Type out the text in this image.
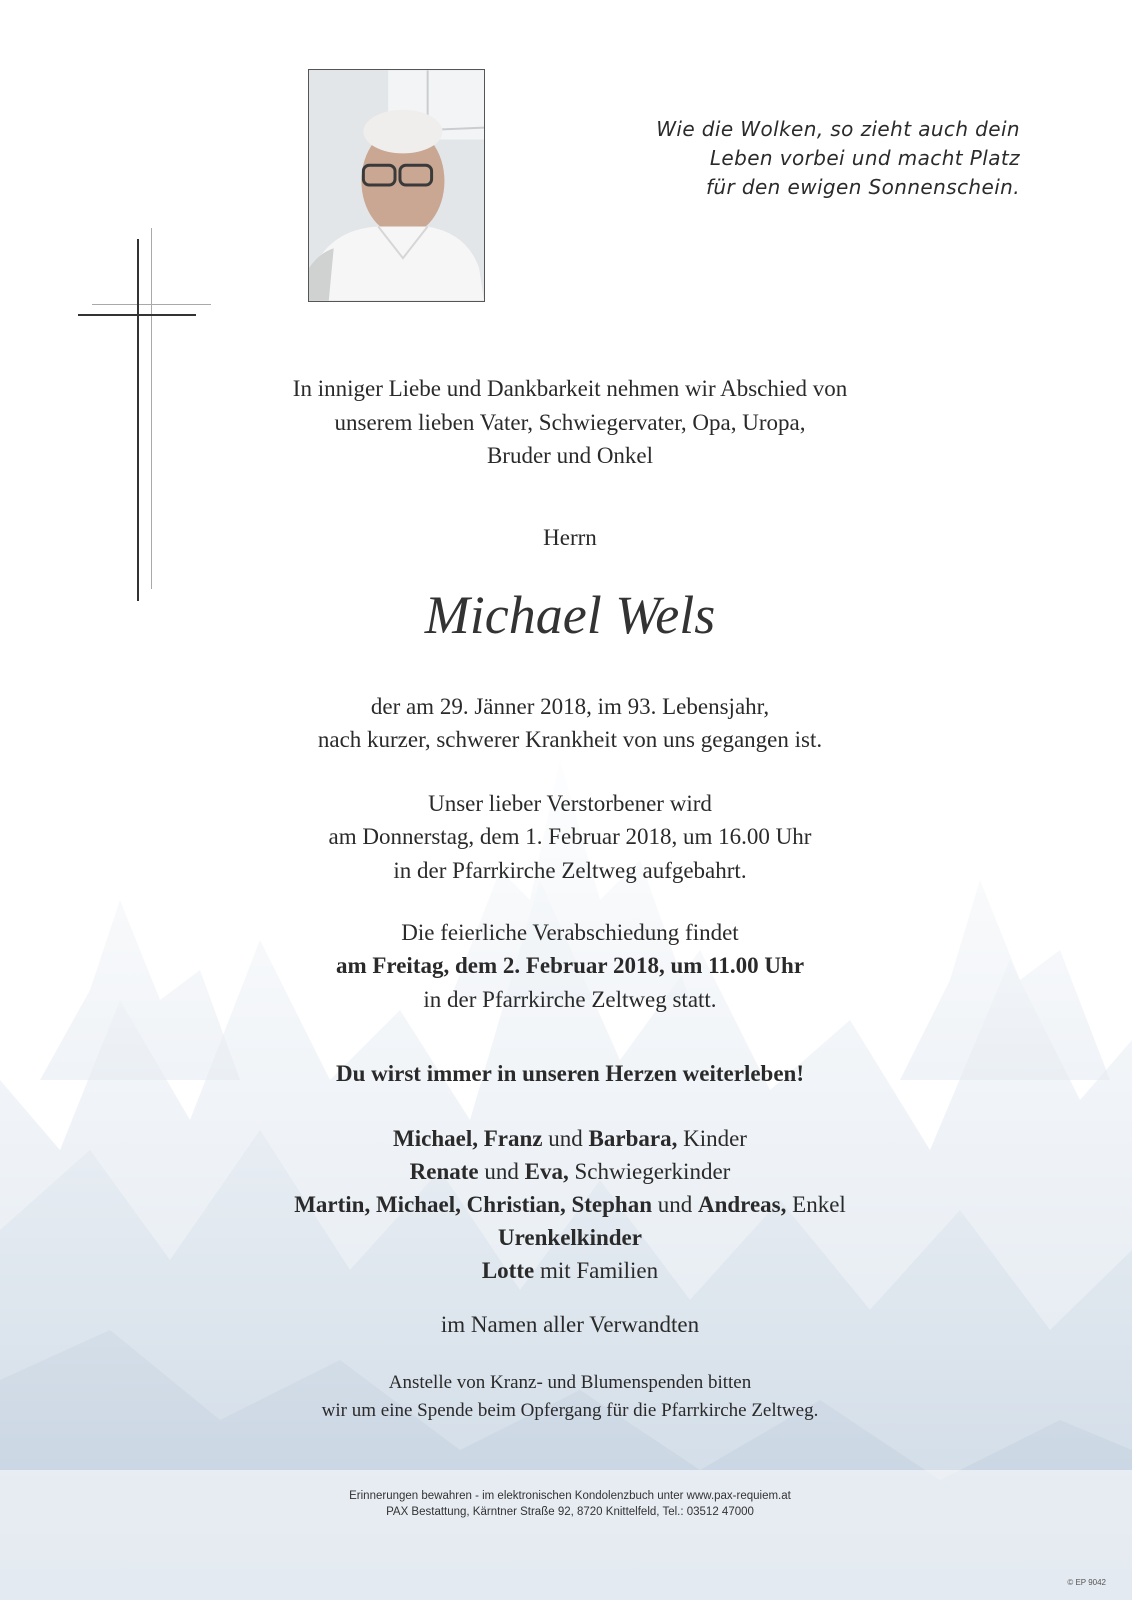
Wie die Wolken, so zieht auch dein
Leben vorbei und macht Platz
für den ewigen Sonnenschein.
In inniger Liebe und Dankbarkeit nehmen wir Abschied von
unserem lieben Vater, Schwiegervater, Opa, Uropa,
Bruder und Onkel
Herrn
Michael Wels
der am 29. Jänner 2018, im 93. Lebensjahr,
nach kurzer, schwerer Krankheit von uns gegangen ist.
Unser lieber Verstorbener wird
am Donnerstag, dem 1. Februar 2018, um 16.00 Uhr
in der Pfarrkirche Zeltweg aufgebahrt.
Die feierliche Verabschiedung findet
am Freitag, dem 2. Februar 2018, um 11.00 Uhr
in der Pfarrkirche Zeltweg statt.
Du wirst immer in unseren Herzen weiterleben!
Michael, Franz und Barbara, Kinder
Renate und Eva, Schwiegerkinder
Martin, Michael, Christian, Stephan und Andreas, Enkel
Urenkelkinder
Lotte mit Familien
im Namen aller Verwandten
Anstelle von Kranz- und Blumenspenden bitten
wir um eine Spende beim Opfergang für die Pfarrkirche Zeltweg.
Erinnerungen bewahren - im elektronischen Kondolenzbuch unter www.pax-requiem.at
PAX Bestattung, Kärntner Straße 92, 8720 Knittelfeld, Tel.: 03512 47000
© EP 9042
